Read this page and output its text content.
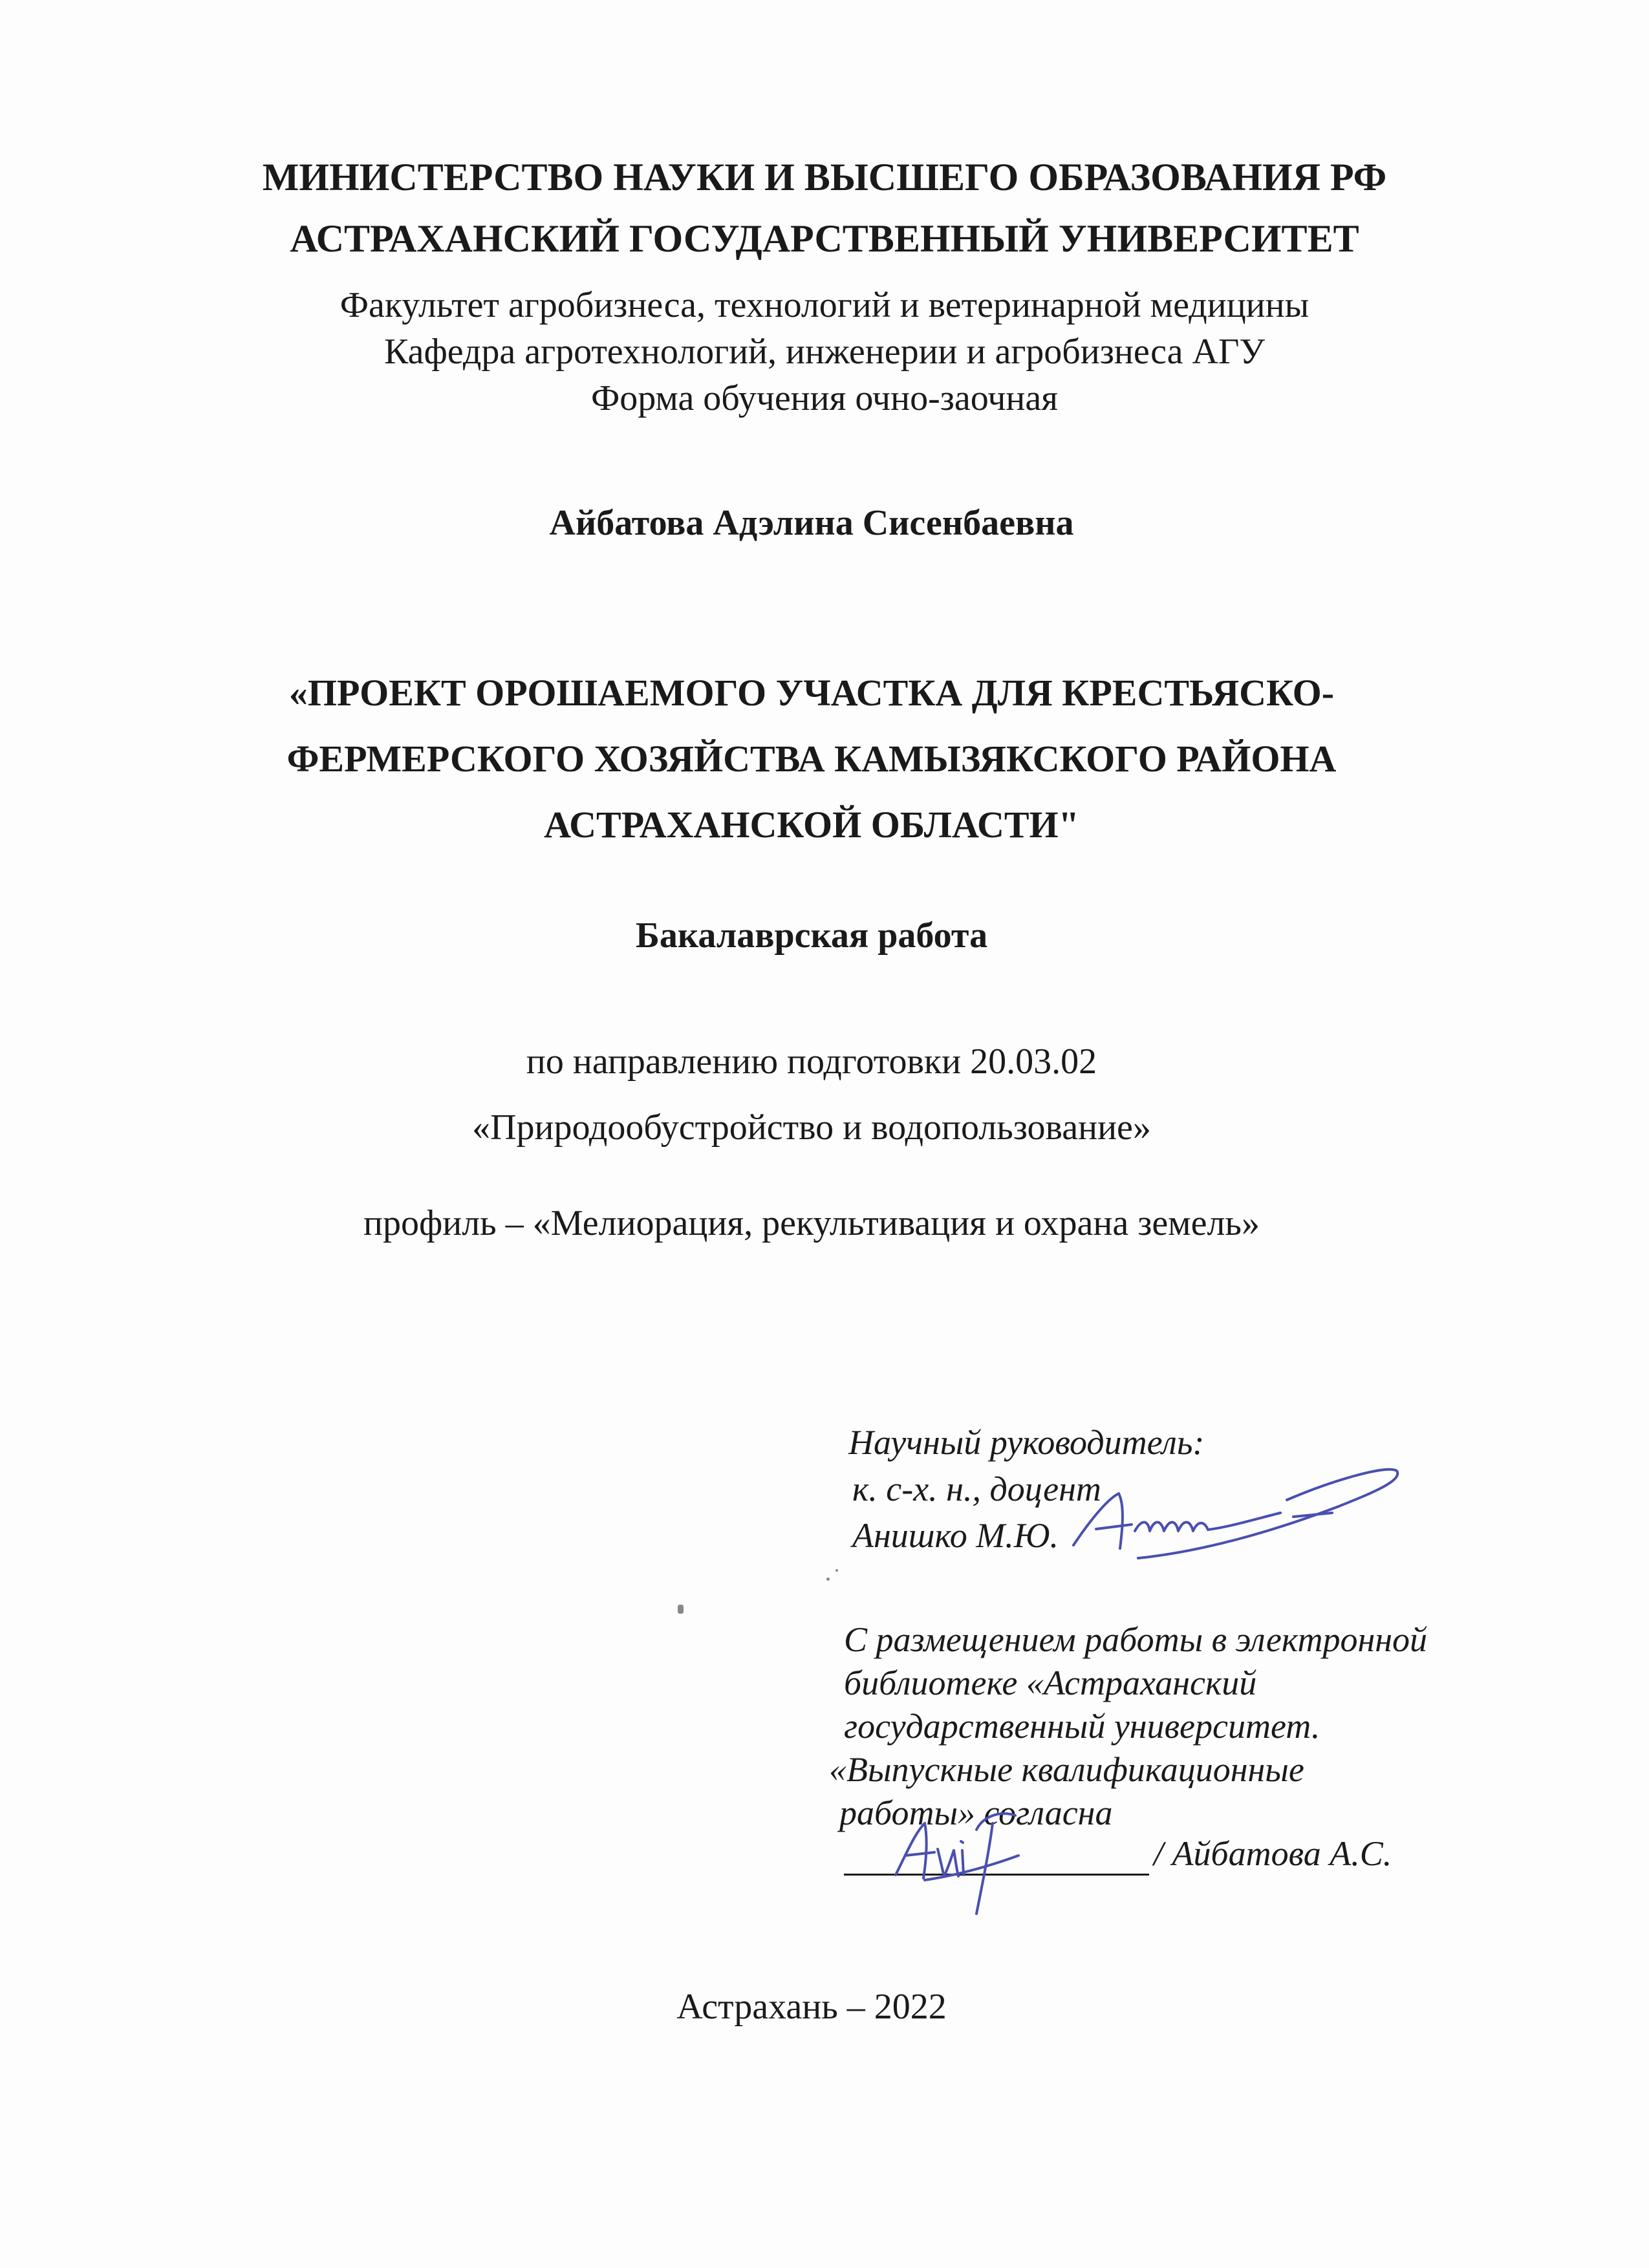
МИНИСТЕРСТВО НАУКИ И ВЫСШЕГО ОБРАЗОВАНИЯ РФ
АСТРАХАНСКИЙ ГОСУДАРСТВЕННЫЙ УНИВЕРСИТЕТ
Факультет агробизнеса, технологий и ветеринарной медицины
Кафедра агротехнологий, инженерии и агробизнеса АГУ
Форма обучения очно-заочная
Айбатова Адэлина Сисенбаевна
«ПРОЕКТ ОРОШАЕМОГО УЧАСТКА ДЛЯ КРЕСТЬЯСКО-
ФЕРМЕРСКОГО ХОЗЯЙСТВА КАМЫЗЯКСКОГО РАЙОНА
АСТРАХАНСКОЙ ОБЛАСТИ"
Бакалаврская работа
по направлению подготовки 20.03.02
«Природообустройство и водопользование»
профиль – «Мелиорация, рекультивация и охрана земель»
Научный руководитель:
к. с-х. н., доцент
Анишко М.Ю.
С размещением работы в электронной
библиотеке «Астраханский
государственный университет.
«Выпускные квалификационные
работы» согласна
/ Айбатова А.С.
Астрахань – 2022
